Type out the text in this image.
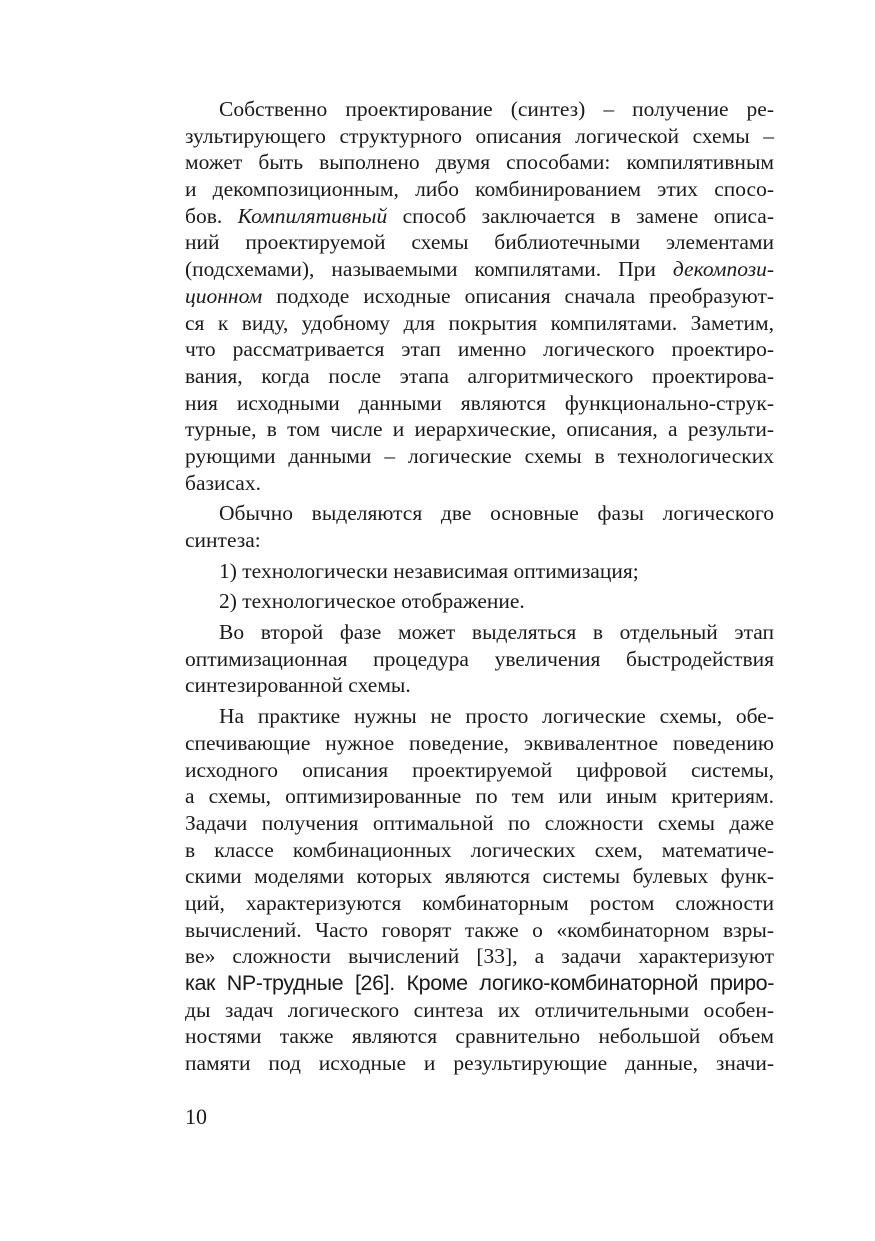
Собственно проектирование (синтез) – получение ре-
зультирующего структурного описания логической схемы –
может быть выполнено двумя способами: компилятивным
и декомпозиционным, либо комбинированием этих спосо-
бов. Компилятивный способ заключается в замене описа-
ний проектируемой схемы библиотечными элементами
(подсхемами), называемыми компилятами. При декомпози-
ционном подходе исходные описания сначала преобразуют-
ся к виду, удобному для покрытия компилятами. Заметим,
что рассматривается этап именно логического проектиро-
вания, когда после этапа алгоритмического проектирова-
ния исходными данными являются функционально-струк-
турные, в том числе и иерархические, описания, а результи-
рующими данными – логические схемы в технологических
базисах.

Обычно выделяются две основные фазы логического
синтеза:

1) технологически независимая оптимизация;

2) технологическое отображение.

Во второй фазе может выделяться в отдельный этап
оптимизационная процедура увеличения быстродействия
синтезированной схемы.

На практике нужны не просто логические схемы, обе-
спечивающие нужное поведение, эквивалентное поведению
исходного описания проектируемой цифровой системы,
а схемы, оптимизированные по тем или иным критериям.
Задачи получения оптимальной по сложности схемы даже
в классе комбинационных логических схем, математиче-
скими моделями которых являются системы булевых функ-
ций, характеризуются комбинаторным ростом сложности
вычислений. Часто говорят также о «комбинаторном взры-
ве» сложности вычислений [33], а задачи характеризуют
как NP-трудные [26]. Кроме логико-комбинаторной приро-
ды задач логического синтеза их отличительными особен-
ностями также являются сравнительно небольшой объем
памяти под исходные и результирующие данные, значи-

10
